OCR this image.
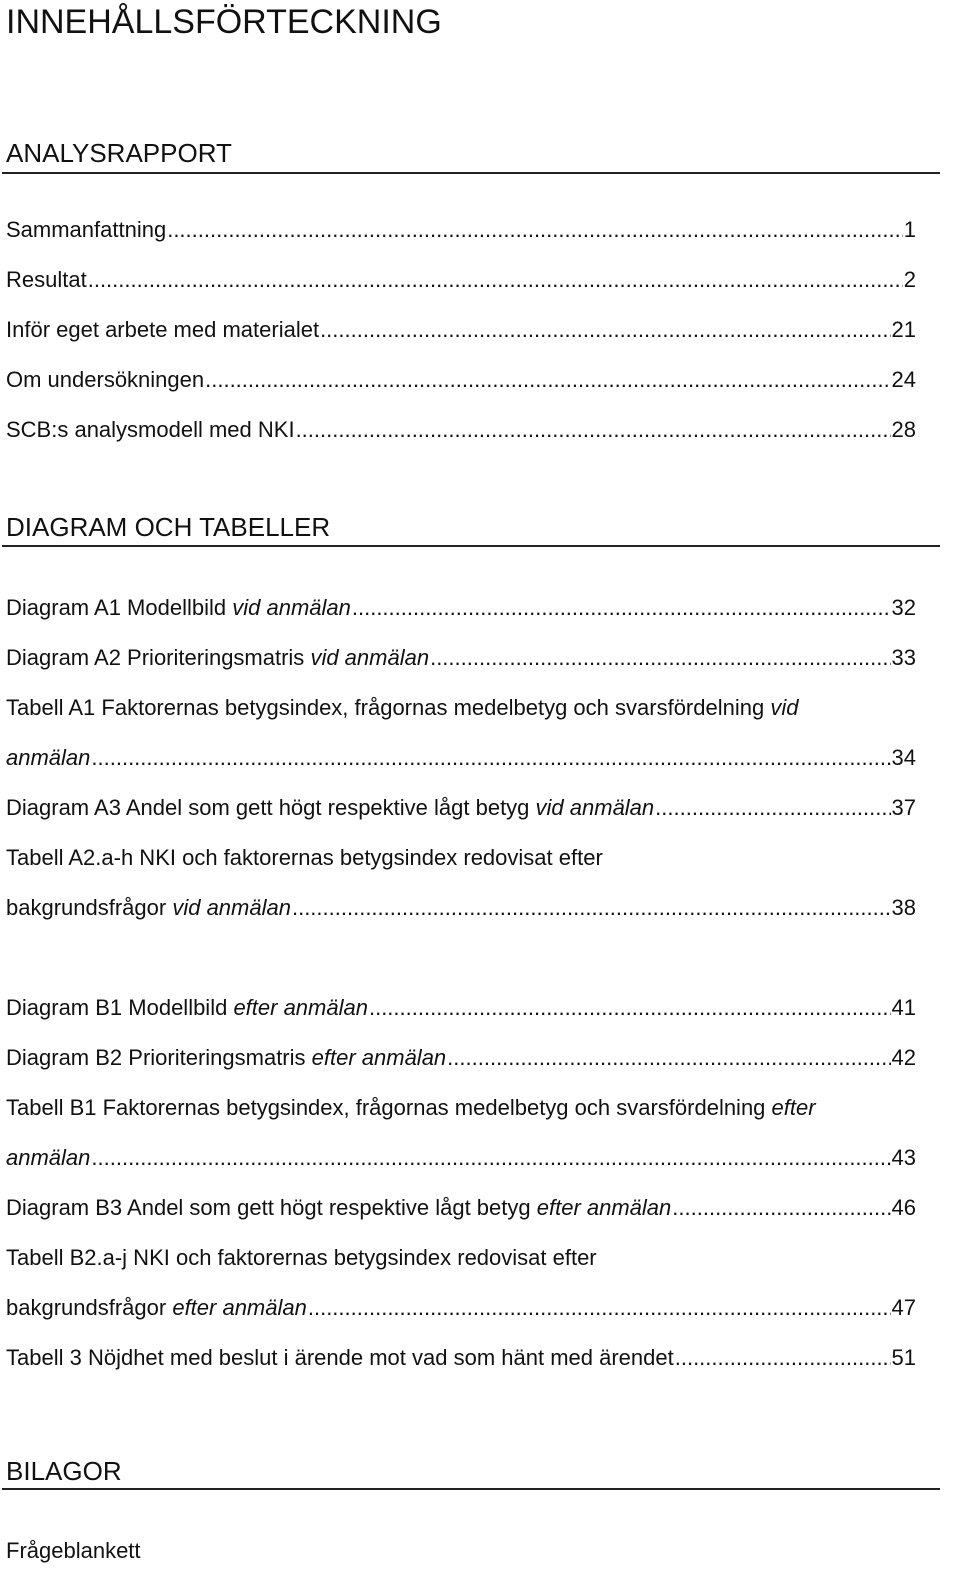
INNEHÅLLSFÖRTECKNING
ANALYSRAPPORT
Sammanfattning .....	1
Resultat .....	2
Inför eget arbete med materialet .....	21
Om undersökningen .....	24
SCB:s analysmodell med NKI .....	28
DIAGRAM OCH TABELLER
Diagram A1 Modellbild vid anmälan .....	32
Diagram A2 Prioriteringsmatris vid anmälan .....	33
Tabell A1 Faktorernas betygsindex, frågornas medelbetyg och svarsfördelning vid
anmälan .....	34
Diagram A3 Andel som gett högt respektive lågt betyg vid anmälan .....	37
Tabell A2.a-h NKI och faktorernas betygsindex redovisat efter
bakgrundsfrågor vid anmälan .....	38
Diagram B1 Modellbild efter anmälan .....	41
Diagram B2 Prioriteringsmatris efter anmälan .....	42
Tabell B1 Faktorernas betygsindex, frågornas medelbetyg och svarsfördelning efter
anmälan .....	43
Diagram B3 Andel som gett högt respektive lågt betyg efter anmälan .....	46
Tabell B2.a-j NKI och faktorernas betygsindex redovisat efter
bakgrundsfrågor efter anmälan .....	47
Tabell 3 Nöjdhet med beslut i ärende mot vad som hänt med ärendet .....	51
BILAGOR
Frågeblankett
